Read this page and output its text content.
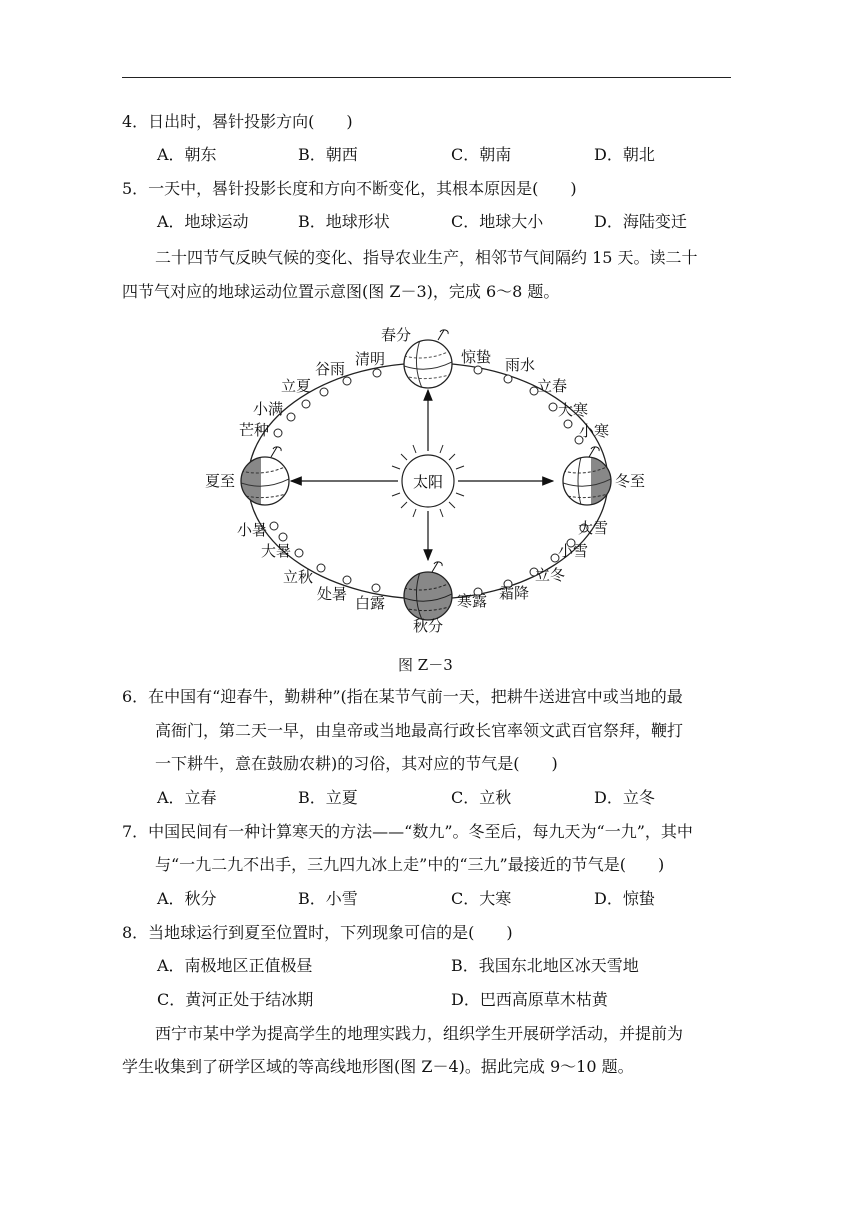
4．日出时，晷针投影方向(　　)
A．朝东	B．朝西	C．朝南	D．朝北
5．一天中，晷针投影长度和方向不断变化，其根本原因是(　　)
A．地球运动	B．地球形状	C．地球大小	D．海陆变迁
二十四节气反映气候的变化、指导农业生产，相邻节气间隔约 15 天。读二十
四节气对应的地球运动位置示意图(图 Z－3)，完成 6～8 题。
太阳
春分
惊蛰 雨水
立春
大寒
小寒
冬至
大雪
小雪
立冬
霜降
寒露
秋分
白露
处暑
立秋
大暑
小暑
夏至
芒种
小满
立夏
谷雨
清明
图 Z－3
6．在中国有“迎春牛，勤耕种”(指在某节气前一天，把耕牛送进宫中或当地的最
高衙门，第二天一早，由皇帝或当地最高行政长官率领文武百官祭拜，鞭打
一下耕牛，意在鼓励农耕)的习俗，其对应的节气是(　　)
A．立春	B．立夏	C．立秋	D．立冬
7．中国民间有一种计算寒天的方法——“数九”。冬至后，每九天为“一九”，其中
与“一九二九不出手，三九四九冰上走”中的“三九”最接近的节气是(　　)
A．秋分	B．小雪	C．大寒	D．惊蛰
8．当地球运行到夏至位置时，下列现象可信的是(　　)
A．南极地区正值极昼	B．我国东北地区冰天雪地
C．黄河正处于结冰期	D．巴西高原草木枯黄
西宁市某中学为提高学生的地理实践力，组织学生开展研学活动，并提前为
学生收集到了研学区域的等高线地形图(图 Z－4)。据此完成 9～10 题。
